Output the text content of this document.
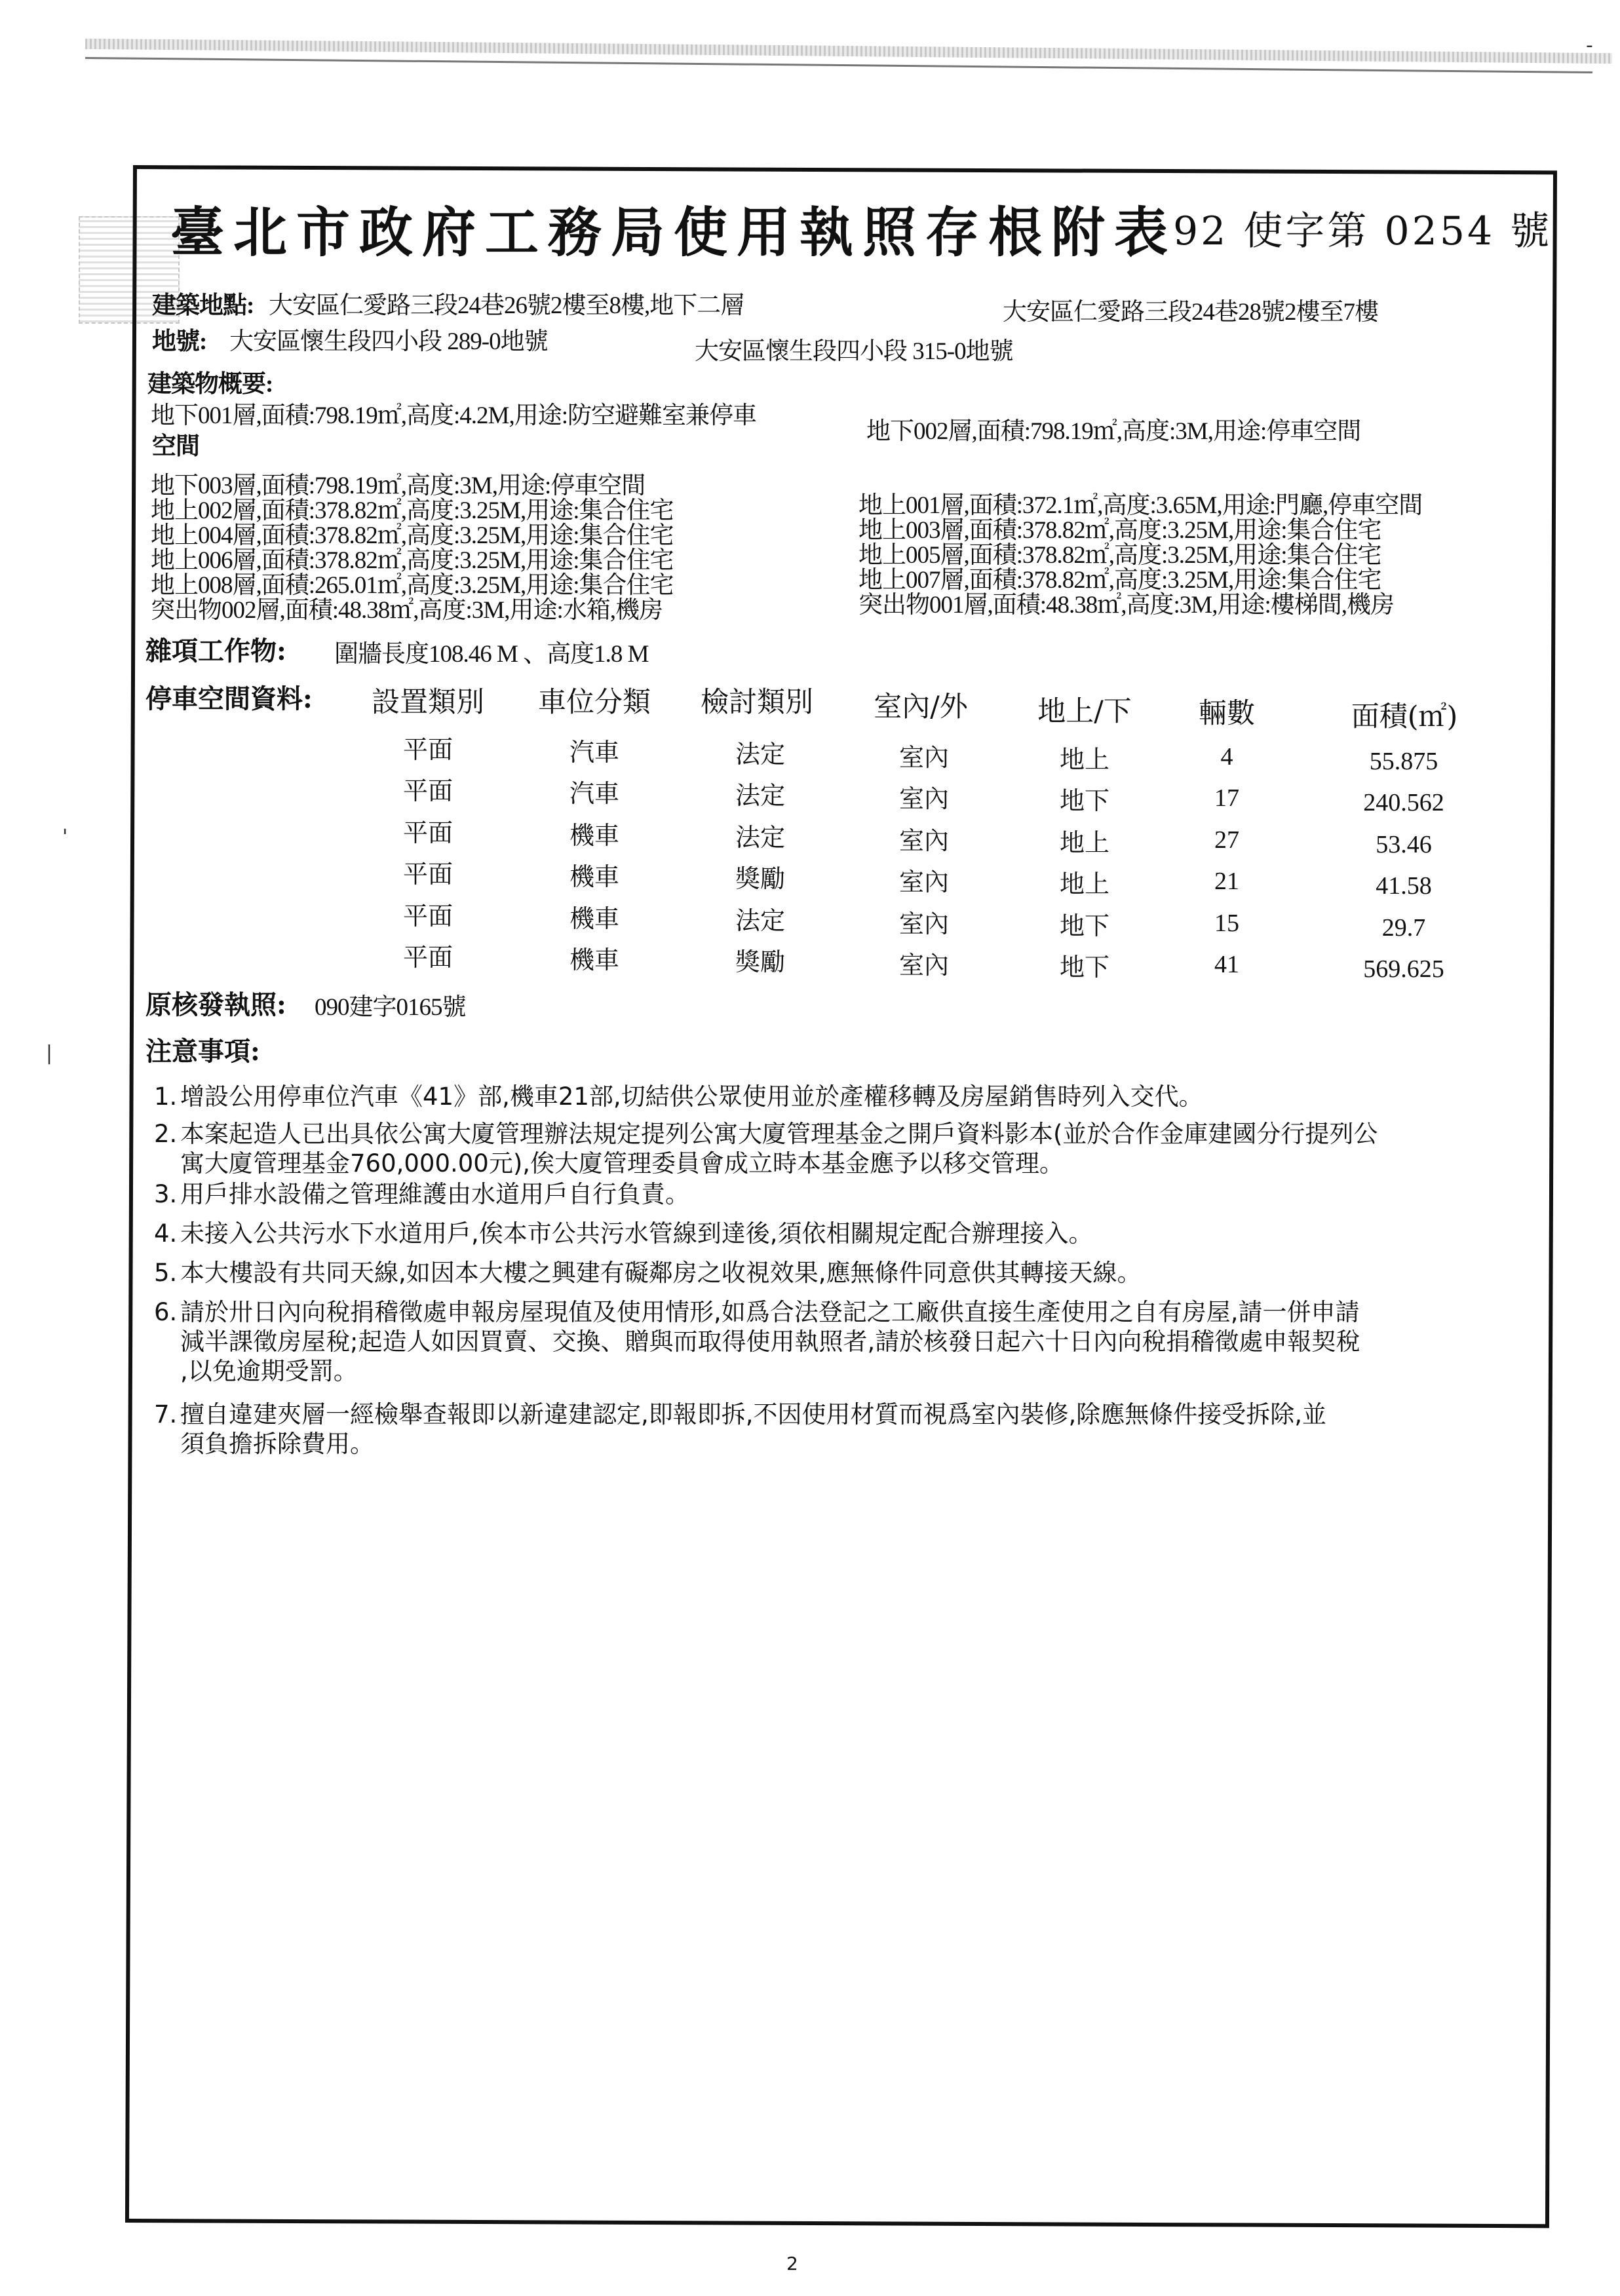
-
'
|
臺北市政府工務局使用執照存根附表
92 使字第 0254 號
建築地點: 大安區仁愛路三段24巷26號2樓至8樓,地下二層	大安區仁愛路三段24巷28號2樓至7樓
地號: 大安區懷生段四小段 289-0地號	大安區懷生段四小段 315-0地號
建築物概要:
地下001層,面積:798.19㎡,高度:4.2M,用途:防空避難室兼停車
地下002層,面積:798.19㎡,高度:3M,用途:停車空間
空間
地下003層,面積:798.19㎡,高度:3M,用途:停車空間
地上002層,面積:378.82㎡,高度:3.25M,用途:集合住宅
地上004層,面積:378.82㎡,高度:3.25M,用途:集合住宅
地上006層,面積:378.82㎡,高度:3.25M,用途:集合住宅
地上008層,面積:265.01㎡,高度:3.25M,用途:集合住宅
突出物002層,面積:48.38㎡,高度:3M,用途:水箱,機房
地上001層,面積:372.1㎡,高度:3.65M,用途:門廳,停車空間
地上003層,面積:378.82㎡,高度:3.25M,用途:集合住宅
地上005層,面積:378.82㎡,高度:3.25M,用途:集合住宅
地上007層,面積:378.82㎡,高度:3.25M,用途:集合住宅
突出物001層,面積:48.38㎡,高度:3M,用途:樓梯間,機房
雜項工作物: 圍牆長度108.46 M 、高度1.8 M
停車空間資料:	設置類別	車位分類	檢討類別	室內/外	地上/下	輛數	面積(㎡)
平面	汽車	法定	室內	地上	4	55.875
平面	汽車	法定	室內	地下	17	240.562
平面	機車	法定	室內	地上	27	53.46
平面	機車	獎勵	室內	地上	21	41.58
平面	機車	法定	室內	地下	15	29.7
平面	機車	獎勵	室內	地下	41	569.625
原核發執照: 090建字0165號
注意事項:
1. 增設公用停車位汽車《41》部,機車21部,切結供公眾使用並於產權移轉及房屋銷售時列入交代。
2. 本案起造人已出具依公寓大廈管理辦法規定提列公寓大廈管理基金之開戶資料影本(並於合作金庫建國分行提列公
寓大廈管理基金760,000.00元),俟大廈管理委員會成立時本基金應予以移交管理。
3. 用戶排水設備之管理維護由水道用戶自行負責。
4. 未接入公共污水下水道用戶,俟本市公共污水管線到達後,須依相關規定配合辦理接入。
5. 本大樓設有共同天線,如因本大樓之興建有礙鄰房之收視效果,應無條件同意供其轉接天線。
6. 請於卅日內向稅捐稽徵處申報房屋現值及使用情形,如爲合法登記之工廠供直接生產使用之自有房屋,請一併申請
減半課徵房屋稅;起造人如因買賣、交換、贈與而取得使用執照者,請於核發日起六十日內向稅捐稽徵處申報契稅
,以免逾期受罰。
7. 擅自違建夾層一經檢舉查報即以新違建認定,即報即拆,不因使用材質而視爲室內裝修,除應無條件接受拆除,並
須負擔拆除費用。
2
